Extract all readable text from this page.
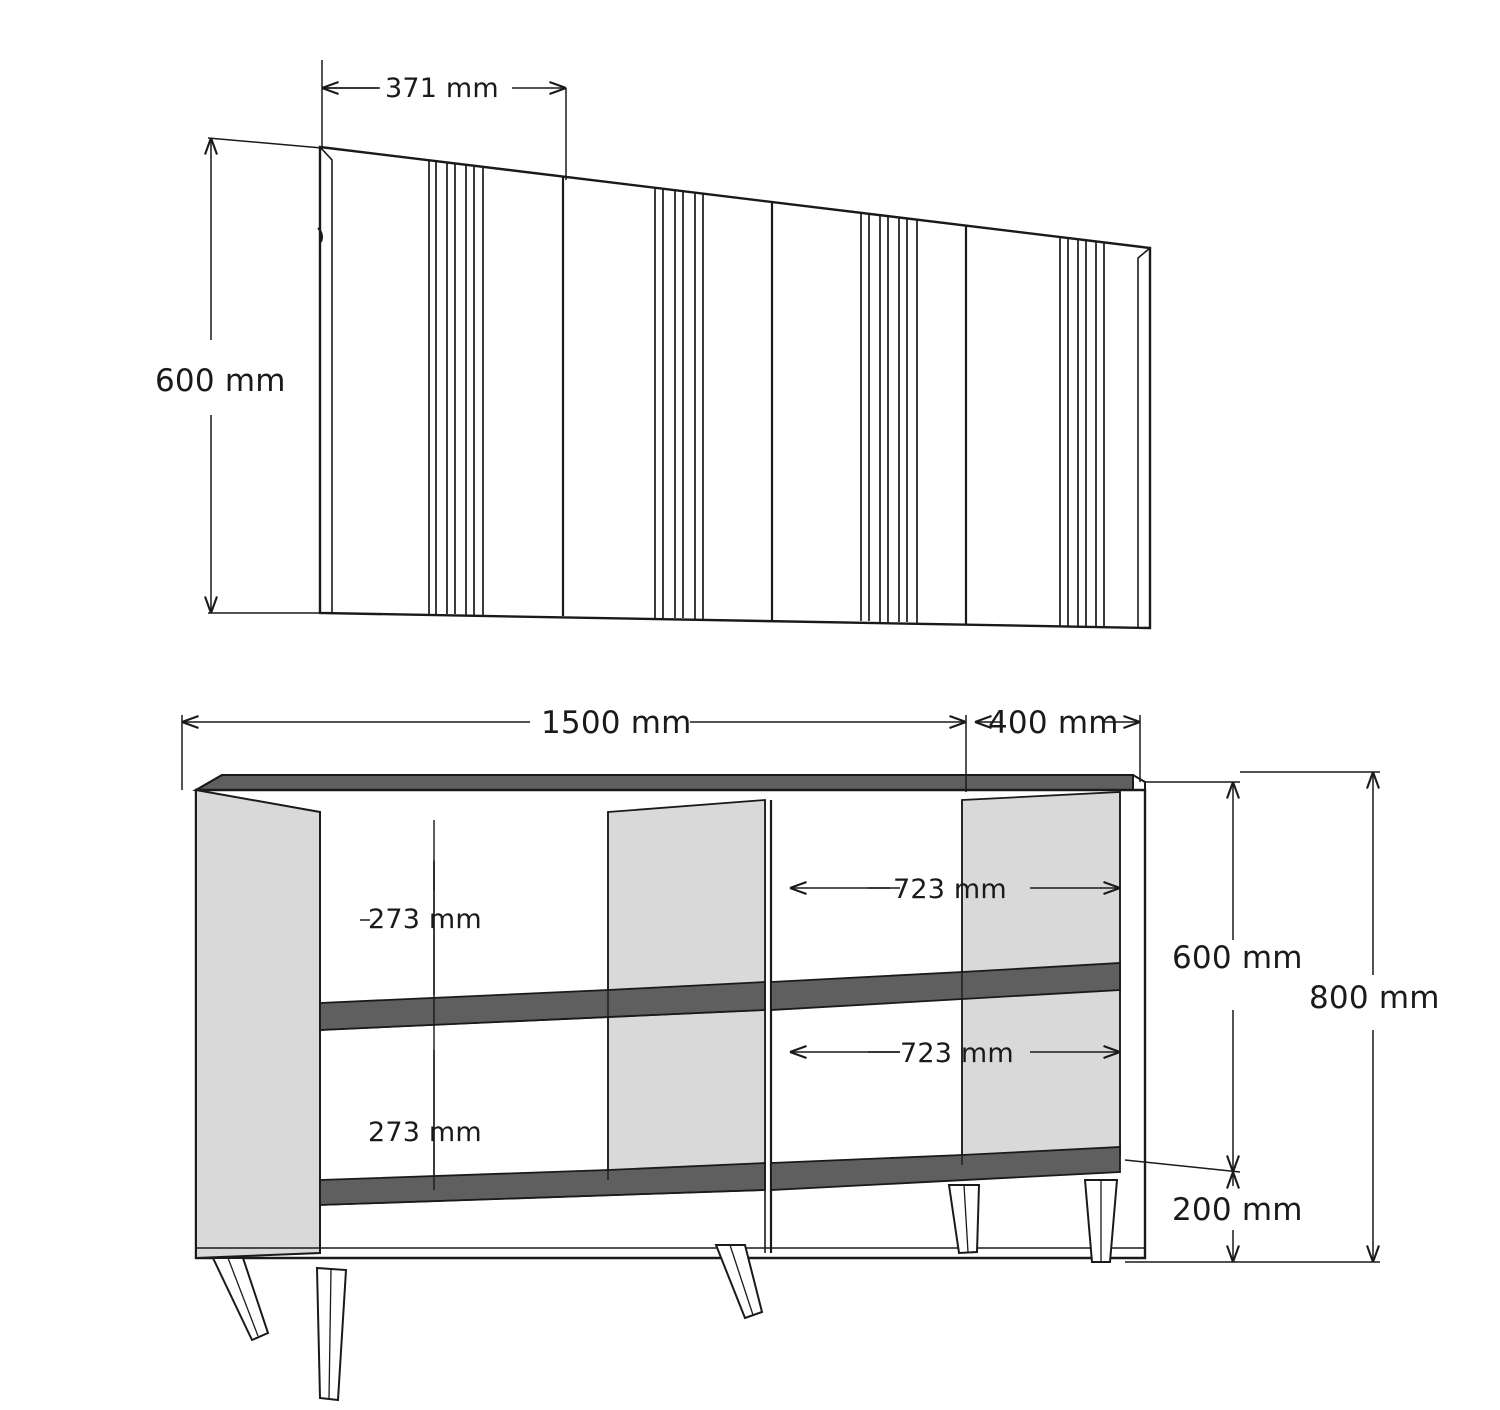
371 mm
600 mm
1500 mm	400 mm
273 mm
273 mm
723 mm
723 mm
600 mm
800 mm
200 mm
